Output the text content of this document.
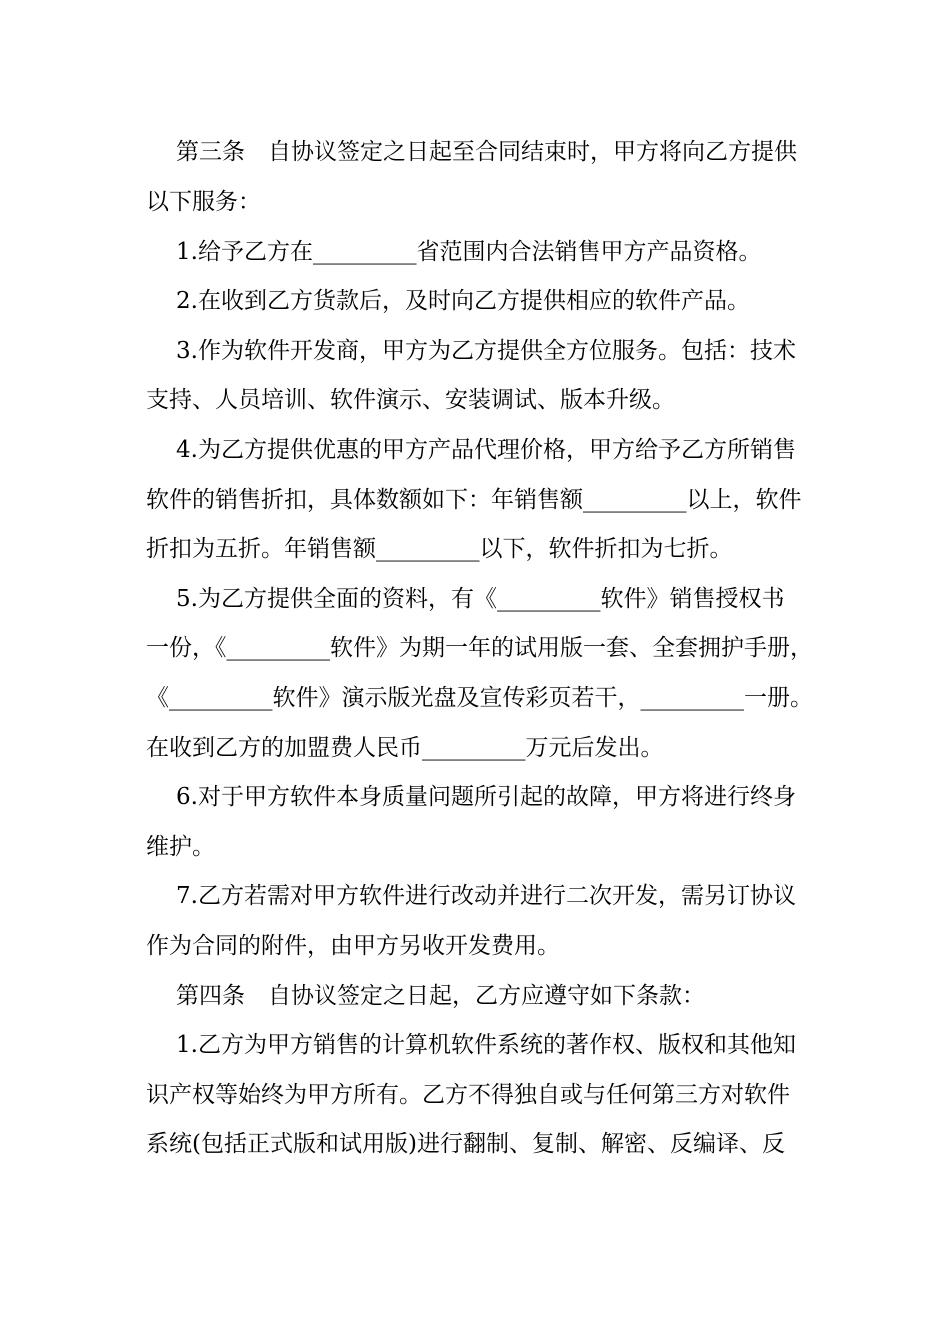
第三条　自协议签定之日起至合同结束时，甲方将向乙方提供
以下服务：
1.给予乙方在_________省范围内合法销售甲方产品资格。
2.在收到乙方货款后，及时向乙方提供相应的软件产品。
3.作为软件开发商，甲方为乙方提供全方位服务。包括：技术
支持、人员培训、软件演示、安装调试、版本升级。
4.为乙方提供优惠的甲方产品代理价格，甲方给予乙方所销售
软件的销售折扣，具体数额如下：年销售额_________以上，软件
折扣为五折。年销售额_________以下，软件折扣为七折。
5.为乙方提供全面的资料，有《_________软件》销售授权书
一份，《_________软件》为期一年的试用版一套、全套拥护手册，
《_________软件》演示版光盘及宣传彩页若干，_________一册。
在收到乙方的加盟费人民币_________万元后发出。
6.对于甲方软件本身质量问题所引起的故障，甲方将进行终身
维护。
7.乙方若需对甲方软件进行改动并进行二次开发，需另订协议
作为合同的附件，由甲方另收开发费用。
第四条　自协议签定之日起，乙方应遵守如下条款：
1.乙方为甲方销售的计算机软件系统的著作权、版权和其他知
识产权等始终为甲方所有。乙方不得独自或与任何第三方对软件
系统(包括正式版和试用版)进行翻制、复制、解密、反编译、反
